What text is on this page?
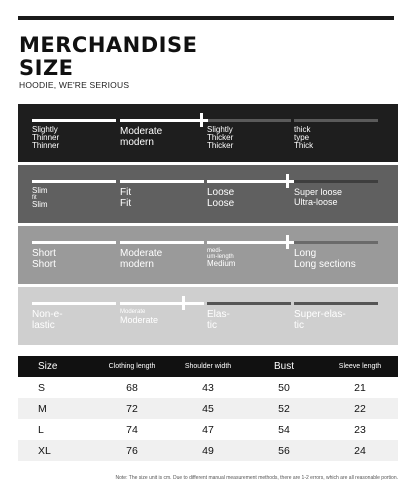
MERCHANDISE
SIZE
HOODIE, WE'RE SERIOUS
Slightly
Thinner
Thinner
Moderate
modern
Slightly
Thicker
Thicker
thick
type
Thick
Slim
fit
Slim
Fit
Fit
Loose
Loose
Super loose
Ultra-loose
Short
Short
Moderate
modern
medi-
um-length
Medium
Long
Long sections
Non-e-
lastic
Moderate
Moderate	Elas-
tic
Super-elas-
tic
Size	Clothing length	Shoulder width	Bust	Sleeve length
S	68	43	50	21
M	72	45	52	22
L	74	47	54	23
XL	76	49	56	24
Note: The size unit is cm. Due to different manual measurement methods, there are 1-2 errors, which are all reasonable portion.
